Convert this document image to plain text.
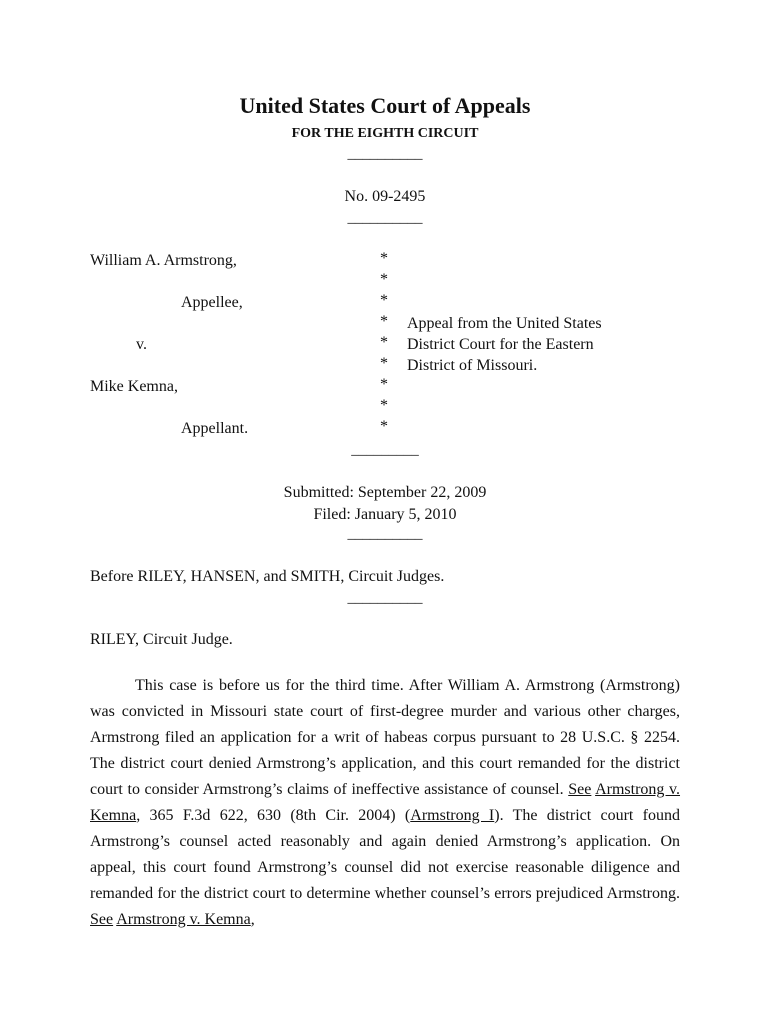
United States Court of Appeals
FOR THE EIGHTH CIRCUIT
__________
No. 09-2495
__________
William A. Armstrong,
Appellee,
v.
Mike Kemna,
Appellant.
*
*
*
*
*
*
*
*
*
Appeal from the United States
District Court for the Eastern
District of Missouri.
_________
Submitted: September 22, 2009
Filed: January 5, 2010
__________
Before RILEY, HANSEN, and SMITH, Circuit Judges.
__________
RILEY, Circuit Judge.
This case is before us for the third time. After William A. Armstrong (Armstrong) was convicted in Missouri state court of first-degree murder and various other charges, Armstrong filed an application for a writ of habeas corpus pursuant to 28 U.S.C. § 2254. The district court denied Armstrong’s application, and this court remanded for the district court to consider Armstrong’s claims of ineffective assistance of counsel. See Armstrong v. Kemna, 365 F.3d 622, 630 (8th Cir. 2004) (Armstrong I). The district court found Armstrong’s counsel acted reasonably and again denied Armstrong’s application. On appeal, this court found Armstrong’s counsel did not exercise reasonable diligence and remanded for the district court to determine whether counsel’s errors prejudiced Armstrong. See Armstrong v. Kemna,
